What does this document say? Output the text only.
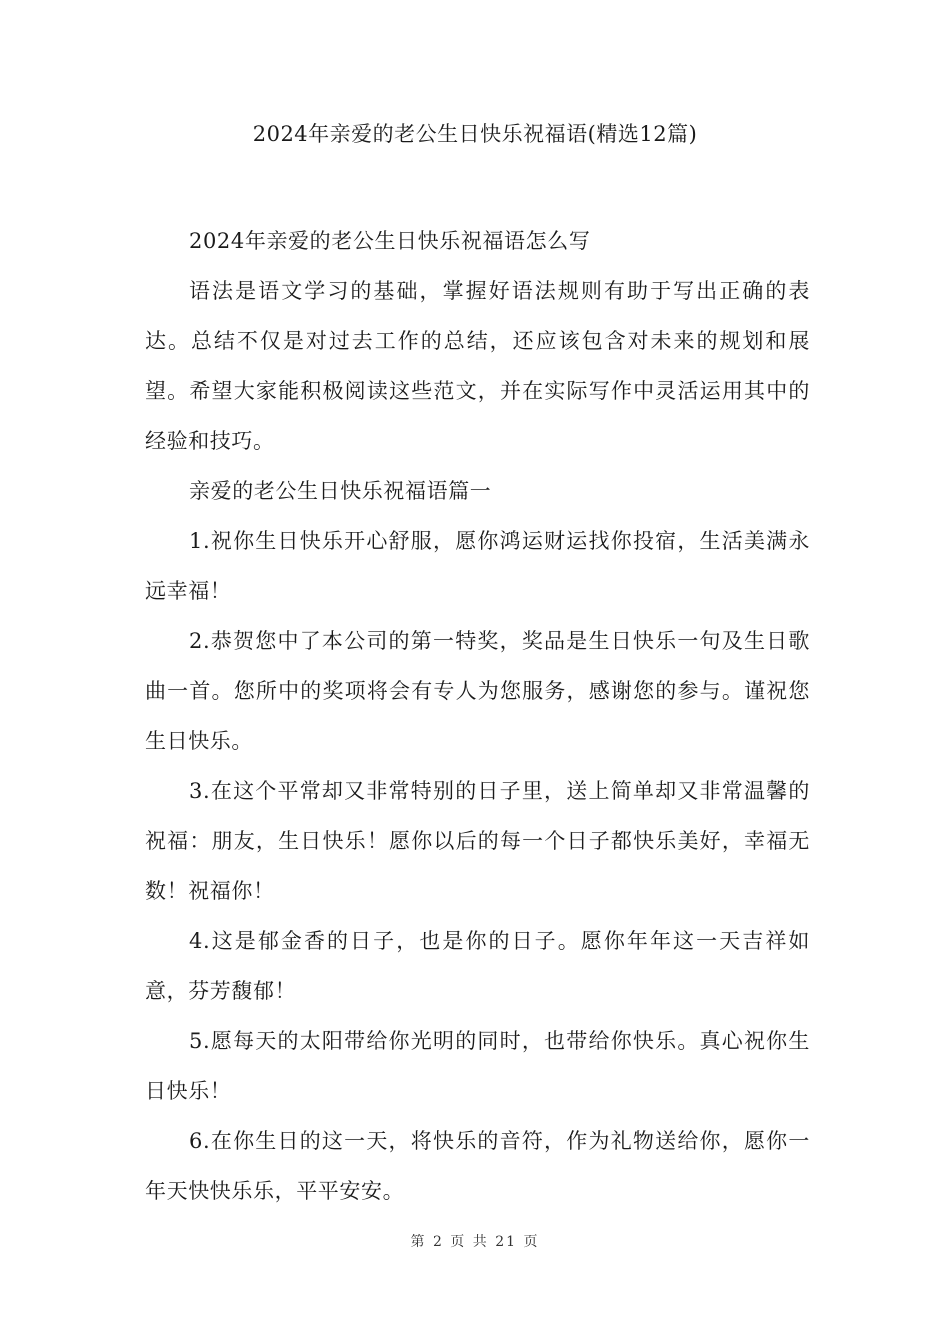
2024年亲爱的老公生日快乐祝福语(精选12篇)

2024年亲爱的老公生日快乐祝福语怎么写

语法是语文学习的基础，掌握好语法规则有助于写出正确的表达。总结不仅是对过去工作的总结，还应该包含对未来的规划和展望。希望大家能积极阅读这些范文，并在实际写作中灵活运用其中的经验和技巧。

亲爱的老公生日快乐祝福语篇一

1.祝你生日快乐开心舒服，愿你鸿运财运找你投宿，生活美满永远幸福！

2.恭贺您中了本公司的第一特奖，奖品是生日快乐一句及生日歌曲一首。您所中的奖项将会有专人为您服务，感谢您的参与。谨祝您生日快乐。

3.在这个平常却又非常特别的日子里，送上简单却又非常温馨的祝福：朋友，生日快乐！愿你以后的每一个日子都快乐美好，幸福无数！祝福你！

4.这是郁金香的日子，也是你的日子。愿你年年这一天吉祥如意，芬芳馥郁！

5.愿每天的太阳带给你光明的同时，也带给你快乐。真心祝你生日快乐！

6.在你生日的这一天，将快乐的音符，作为礼物送给你，愿你一年天快快乐乐，平平安安。

第 2 页 共 21 页
